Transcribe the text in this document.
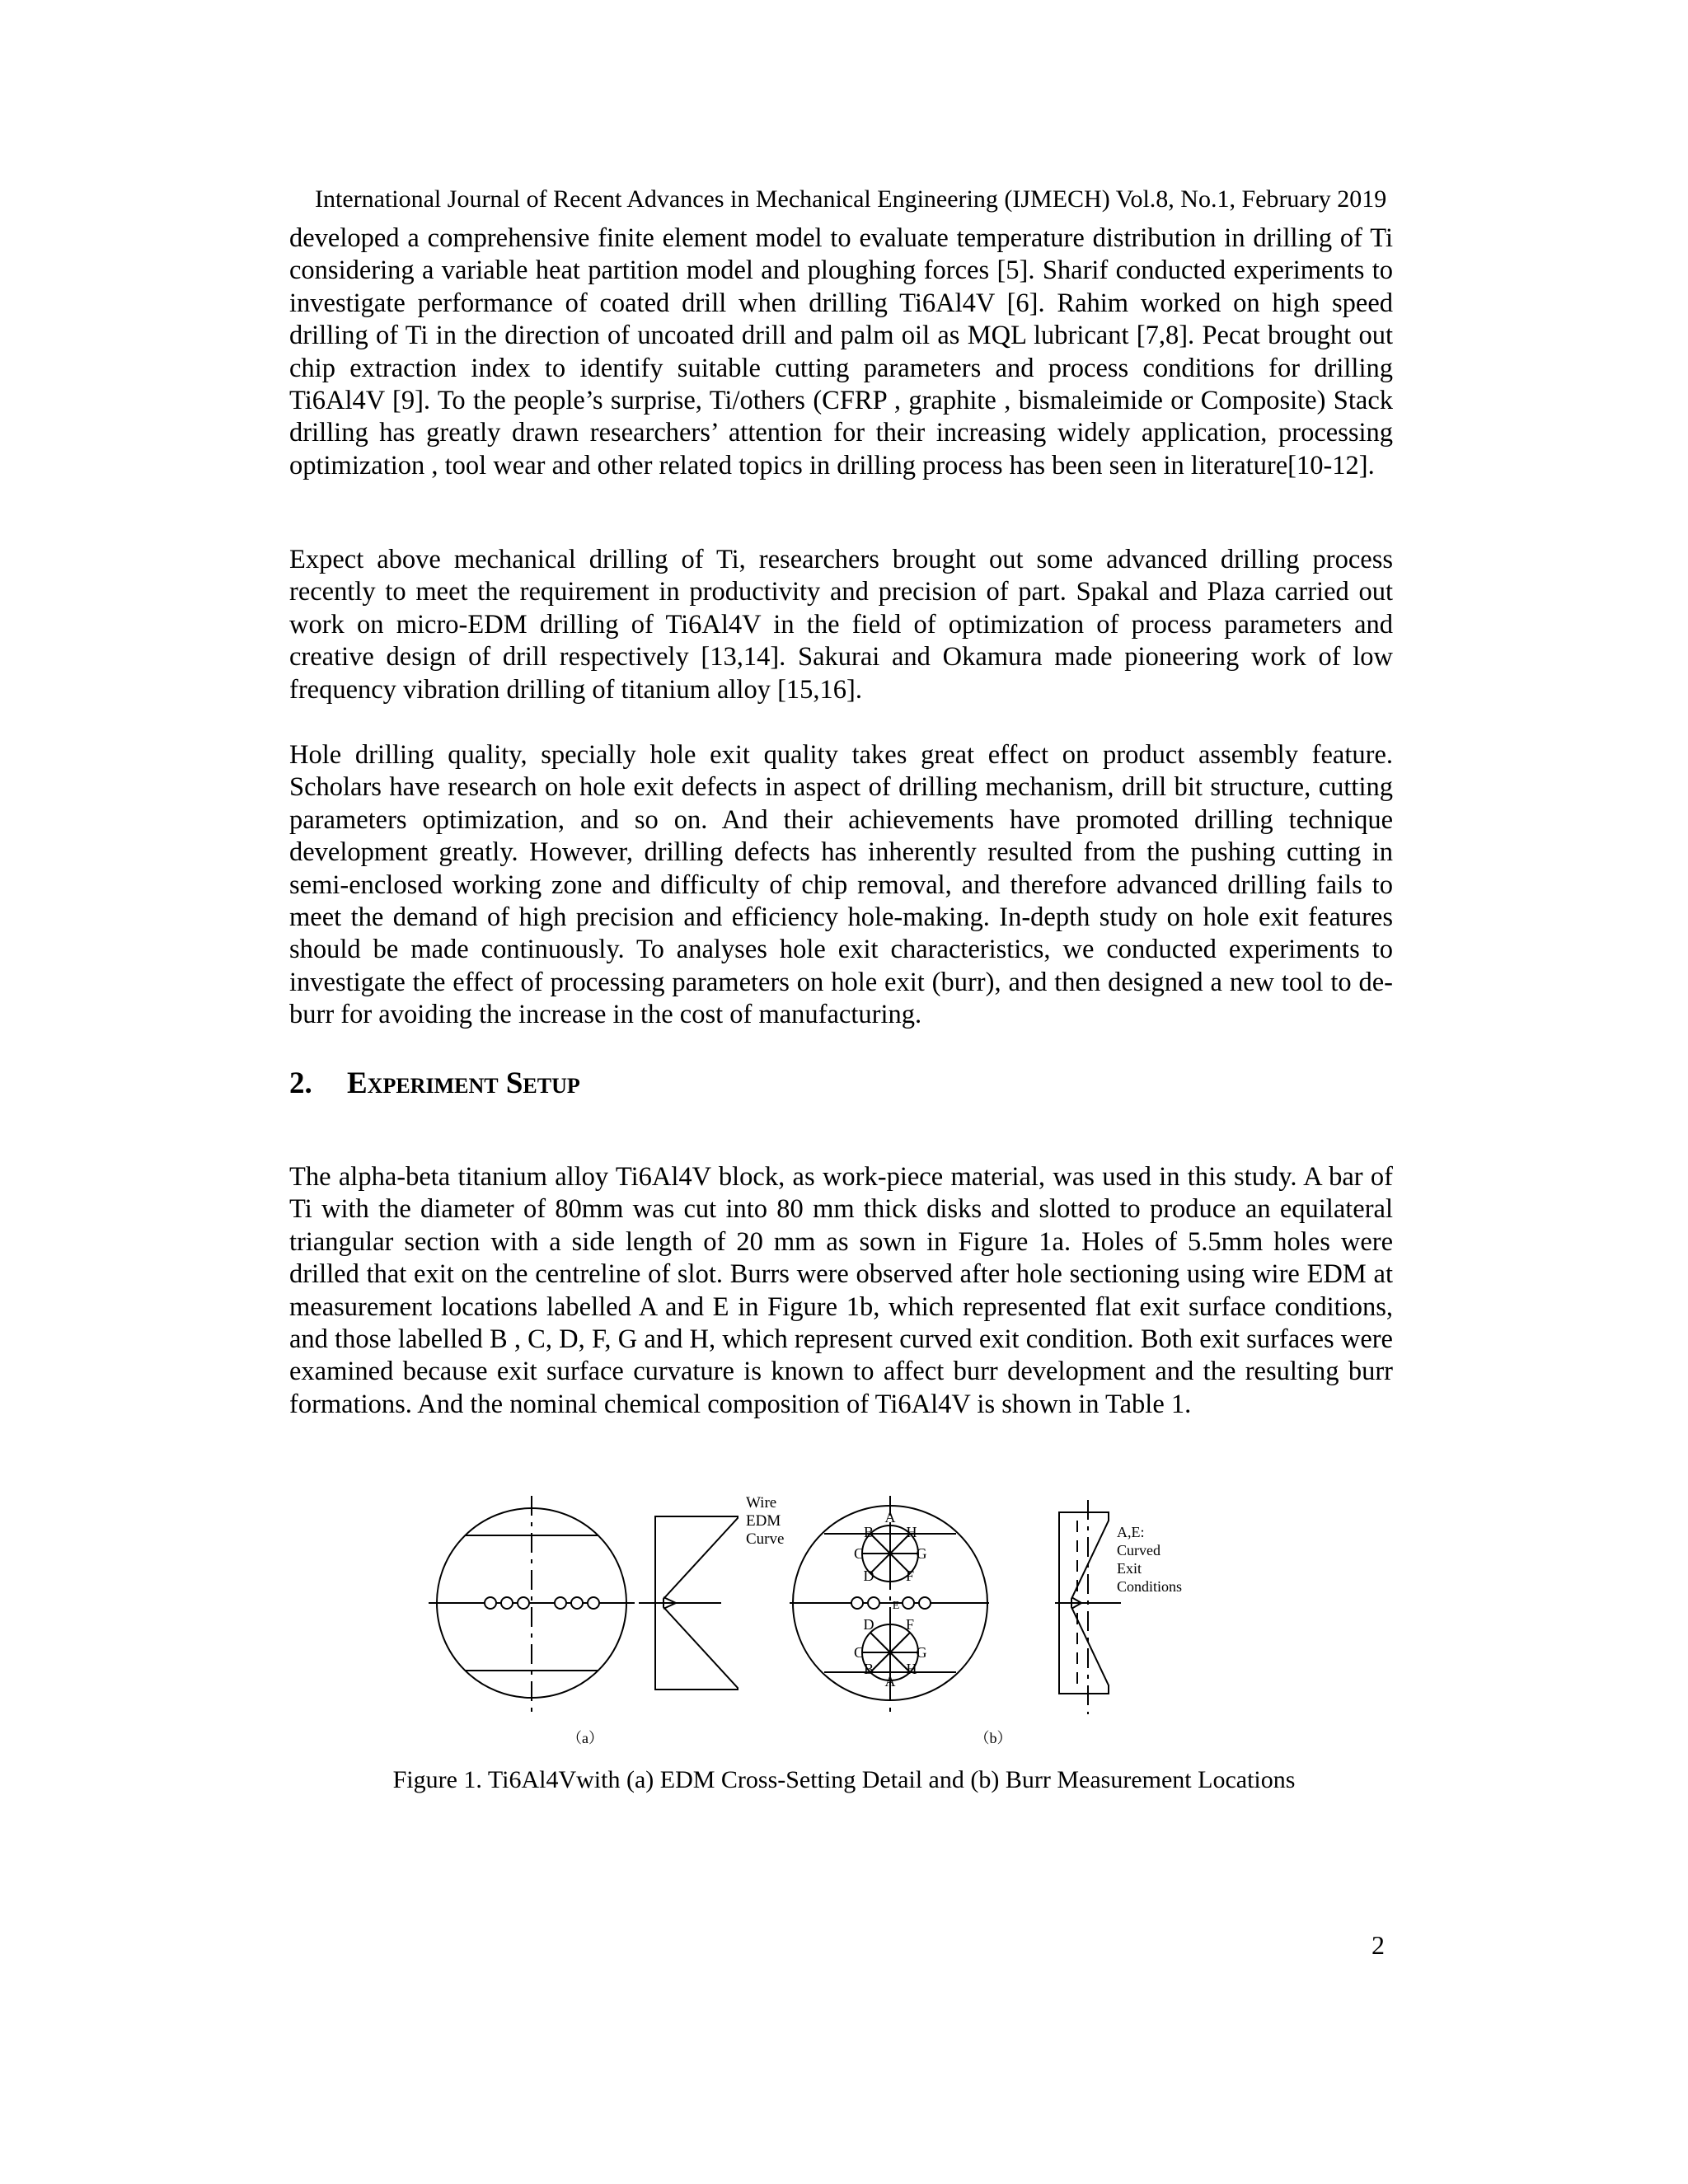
International Journal of Recent Advances in Mechanical Engineering (IJMECH) Vol.8, No.1, February 2019

developed a comprehensive finite element model to evaluate temperature distribution in drilling of Ti considering a variable heat partition model and ploughing forces [5]. Sharif conducted experiments to investigate performance of coated drill when drilling Ti6Al4V [6]. Rahim worked on high speed drilling of Ti in the direction of uncoated drill and palm oil as MQL lubricant [7,8]. Pecat brought out chip extraction index to identify suitable cutting parameters and process conditions for drilling Ti6Al4V [9]. To the people’s surprise, Ti/others (CFRP , graphite , bismaleimide or Composite) Stack drilling has greatly drawn researchers’ attention for their increasing widely application, processing optimization , tool wear and other related topics in drilling process has been seen in literature[10-12].

Expect above mechanical drilling of Ti, researchers brought out some advanced drilling process recently to meet the requirement in productivity and precision of part. Spakal and Plaza carried out work on micro-EDM drilling of Ti6Al4V in the field of optimization of process parameters and creative design of drill respectively [13,14]. Sakurai and Okamura made pioneering work of low frequency vibration drilling of titanium alloy [15,16].

Hole drilling quality, specially hole exit quality takes great effect on product assembly feature. Scholars have research on hole exit defects in aspect of drilling mechanism, drill bit structure, cutting parameters optimization, and so on. And their achievements have promoted drilling technique development greatly. However, drilling defects has inherently resulted from the pushing cutting in semi-enclosed working zone and difficulty of chip removal, and therefore advanced drilling fails to meet the demand of high precision and efficiency hole-making. In-depth study on hole exit features should be made continuously. To analyses hole exit characteristics, we conducted experiments to investigate the effect of processing parameters on hole exit (burr), and then designed a new tool to de-burr for avoiding the increase in the cost of manufacturing.

2. Experiment Setup

The alpha-beta titanium alloy Ti6Al4V block, as work-piece material, was used in this study. A bar of Ti with the diameter of 80mm was cut into 80 mm thick disks and slotted to produce an equilateral triangular section with a side length of 20 mm as sown in Figure 1a. Holes of 5.5mm holes were drilled that exit on the centreline of slot. Burrs were observed after hole sectioning using wire EDM at measurement locations labelled A and E in Figure 1b, which represented flat exit surface conditions, and those labelled B , C, D, F, G and H, which represent curved exit condition. Both exit surfaces were examined because exit surface curvature is known to affect burr development and the resulting burr formations. And the nominal chemical composition of Ti6Al4V is shown in Table 1.

Wire
EDM
Curve	A,E:
Curved
Exit
Conditions
A
B H
C	G
D F
E
D F
C	G
B H
A
（a）	（b）
Figure 1. Ti6Al4Vwith (a) EDM Cross-Setting Detail and (b) Burr Measurement Locations
2
